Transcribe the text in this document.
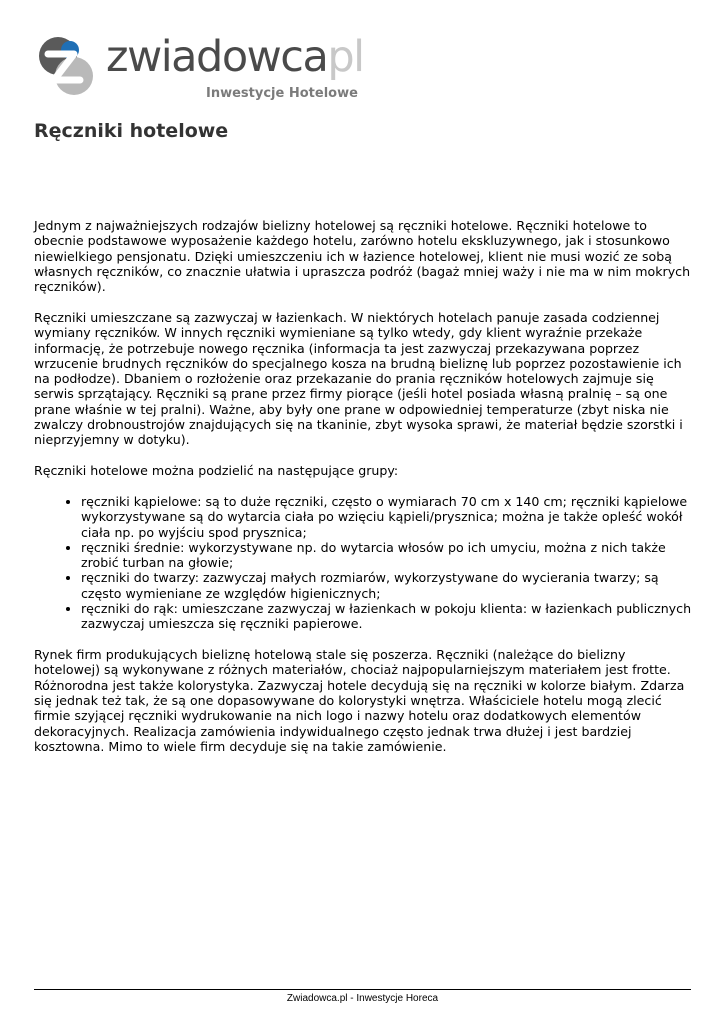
zwiadowcapl
Inwestycje Hotelowe
Ręczniki hotelowe

Jednym z najważniejszych rodzajów bielizny hotelowej są ręczniki hotelowe. Ręczniki hotelowe to obecnie podstawowe wyposażenie każdego hotelu, zarówno hotelu ekskluzywnego, jak i stosunkowo niewielkiego pensjonatu. Dzięki umieszczeniu ich w łazience hotelowej, klient nie musi wozić ze sobą własnych ręczników, co znacznie ułatwia i upraszcza podróż (bagaż mniej waży i nie ma w nim mokrych ręczników).

Ręczniki umieszczane są zazwyczaj w łazienkach. W niektórych hotelach panuje zasada codziennej wymiany ręczników. W innych ręczniki wymieniane są tylko wtedy, gdy klient wyraźnie przekaże informację, że potrzebuje nowego ręcznika (informacja ta jest zazwyczaj przekazywana poprzez wrzucenie brudnych ręczników do specjalnego kosza na brudną bieliznę lub poprzez pozostawienie ich na podłodze). Dbaniem o rozłożenie oraz przekazanie do prania ręczników hotelowych zajmuje się serwis sprzątający. Ręczniki są prane przez firmy piorące (jeśli hotel posiada własną pralnię – są one prane właśnie w tej pralni). Ważne, aby były one prane w odpowiedniej temperaturze (zbyt niska nie zwalczy drobnoustrojów znajdujących się na tkaninie, zbyt wysoka sprawi, że materiał będzie szorstki i nieprzyjemny w dotyku).

Ręczniki hotelowe można podzielić na następujące grupy:

• ręczniki kąpielowe: są to duże ręczniki, często o wymiarach 70 cm x 140 cm; ręczniki kąpielowe wykorzystywane są do wytarcia ciała po wzięciu kąpieli/prysznica; można je także opleść wokół ciała np. po wyjściu spod prysznica;
• ręczniki średnie: wykorzystywane np. do wytarcia włosów po ich umyciu, można z nich także zrobić turban na głowie;
• ręczniki do twarzy: zazwyczaj małych rozmiarów, wykorzystywane do wycierania twarzy; są często wymieniane ze względów higienicznych;
• ręczniki do rąk: umieszczane zazwyczaj w łazienkach w pokoju klienta: w łazienkach publicznych zazwyczaj umieszcza się ręczniki papierowe.

Rynek firm produkujących bieliznę hotelową stale się poszerza. Ręczniki (należące do bielizny hotelowej) są wykonywane z różnych materiałów, chociaż najpopularniejszym materiałem jest frotte. Różnorodna jest także kolorystyka. Zazwyczaj hotele decydują się na ręczniki w kolorze białym. Zdarza się jednak też tak, że są one dopasowywane do kolorystyki wnętrza. Właściciele hotelu mogą zlecić firmie szyjącej ręczniki wydrukowanie na nich logo i nazwy hotelu oraz dodatkowych elementów dekoracyjnych. Realizacja zamówienia indywidualnego często jednak trwa dłużej i jest bardziej kosztowna. Mimo to wiele firm decyduje się na takie zamówienie.

Zwiadowca.pl - Inwestycje Horeca
